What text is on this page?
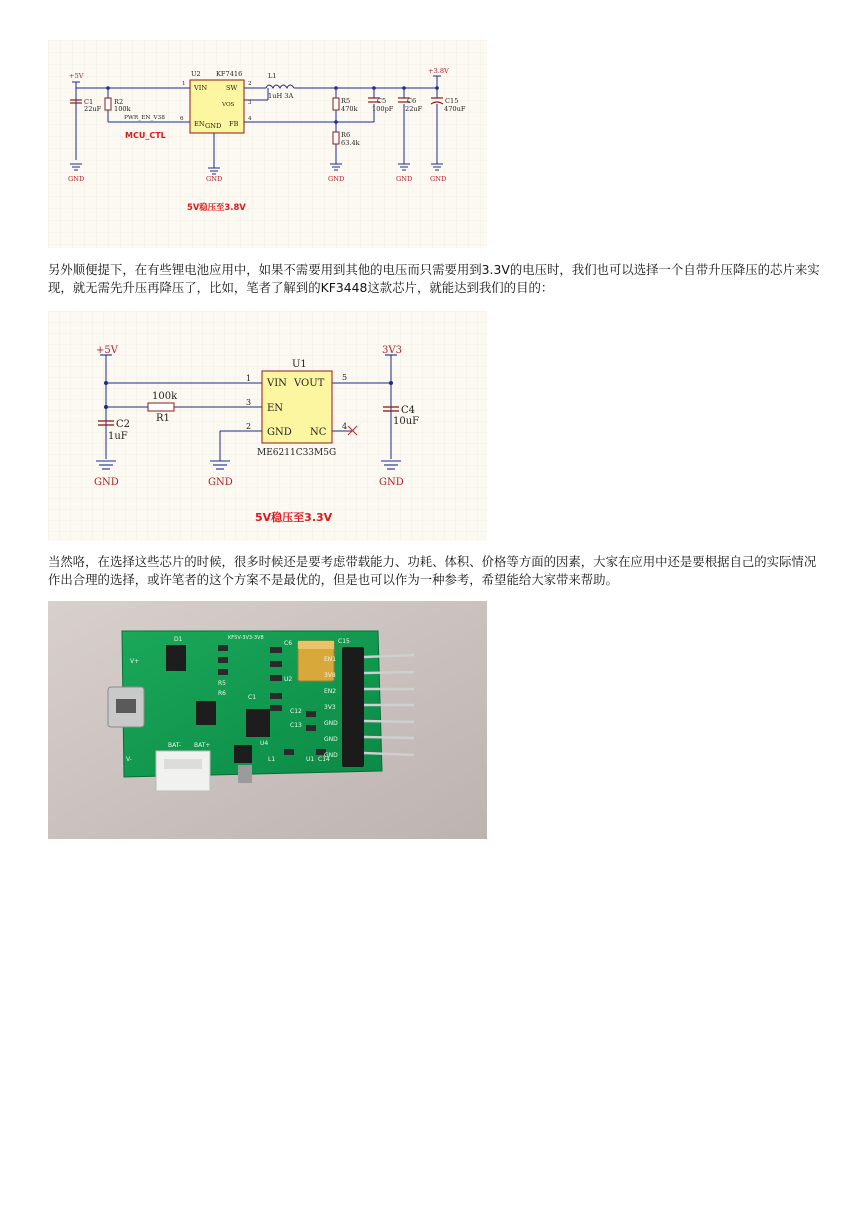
+5V
+3.8V
U2 KF7416
VIN	SW
VOS
EN GND FB
1
6
3
4
2
L1
1uH 3A
C1
22uF
R2
100k
PWR_EN_V38
R5
470k
R6
63.4k
C5
100pF
C6
22uF
C15
470uF
GND	GND	GND	GND	GND
MCU_CTL
5V稳压至3.8V

另外顺便提下，在有些锂电池应用中，如果不需要用到其他的电压而只需要用到3.3V的电压时，我们也可以选择一个自带升压降压的芯片来实现，就无需先升压再降压了，比如，笔者了解到的KF3448这款芯片，就能达到我们的目的：

+5V	3V3
U1
VIN VOUT
EN
GND NC
1
3
2
5
4
100k
R1
C2
1uF
C4
10uF
ME6211C33M5G
GND	GND	GND
5V稳压至3.3V

当然咯，在选择这些芯片的时候，很多时候还是要考虑带载能力、功耗、体积、价格等方面的因素，大家在应用中还是要根据自己的实际情况作出合理的选择，或许笔者的这个方案不是最优的，但是也可以作为一种参考，希望能给大家带来帮助。

KF5V-3V3-3V8
V+
V-
BAT- BAT+
D1
C6	C15
U2
C1
C12
C13
U4
L1	U1 C14
R5
R6
EN1
3V8
EN2
3V3
GND
GND
GND
